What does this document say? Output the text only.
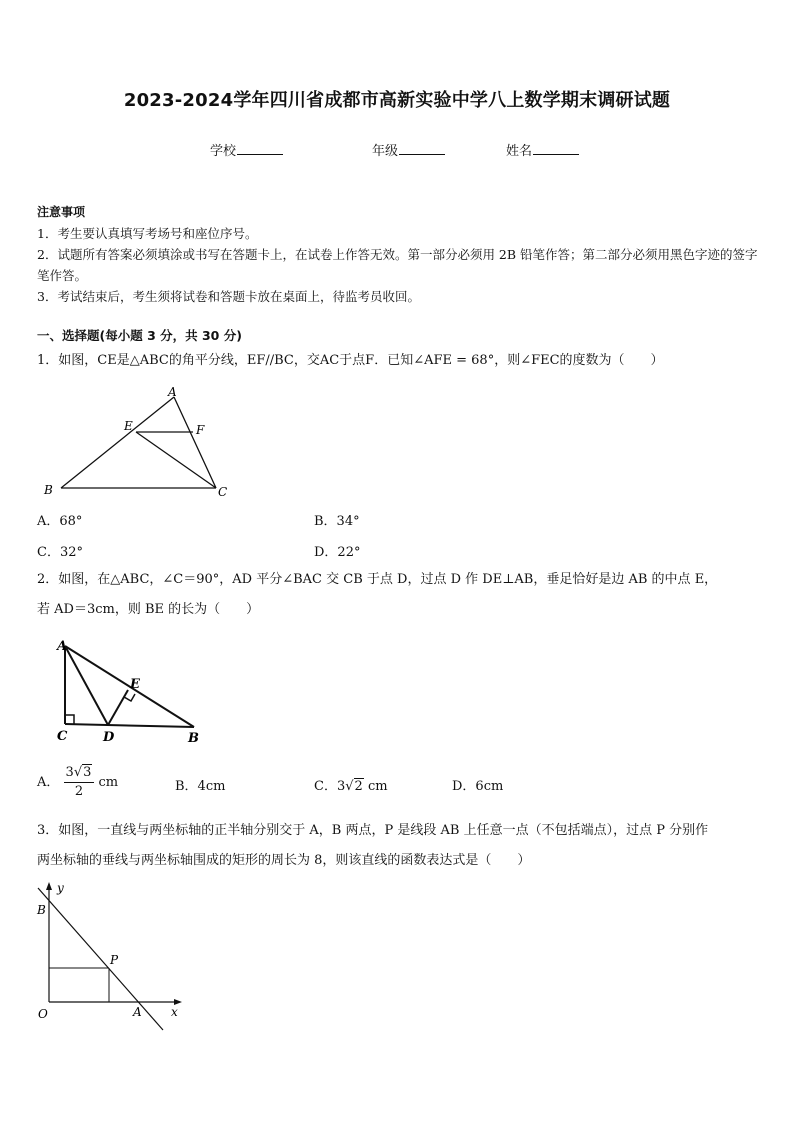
2023-2024学年四川省成都市高新实验中学八上数学期末调研试题
学校	年级	姓名
注意事项
1．考生要认真填写考场号和座位序号。
2．试题所有答案必须填涂或书写在答题卡上，在试卷上作答无效。第一部分必须用 2B 铅笔作答；第二部分必须用黑色字迹的签字笔作答。
3．考试结束后，考生须将试卷和答题卡放在桌面上，待监考员收回。
一、选择题(每小题 3 分，共 30 分)
1．如图，CE是△ABC的角平分线，EF//BC，交AC于点F．已知∠AFE = 68°，则∠FEC的度数为（　　）
A
E	F
B	C
A．68°	B．34°
C．32°	D．22°
2．如图，在△ABC，∠C＝90°，AD 平分∠BAC 交 CB 于点 D，过点 D 作 DE⊥AB，垂足恰好是边 AB 的中点 E，
若 AD＝3cm，则 BE 的长为（　　）
A
E
C	D	B
A． $\frac{3√3}{2}$ cm	B．4cm	C．3√2 cm	D．6cm
3．如图，一直线与两坐标轴的正半轴分别交于 A，B 两点，P 是线段 AB 上任意一点（不包括端点），过点 P 分别作
两坐标轴的垂线与两坐标轴围成的矩形的周长为 8，则该直线的函数表达式是（　　）
y
B
P
O	A x
